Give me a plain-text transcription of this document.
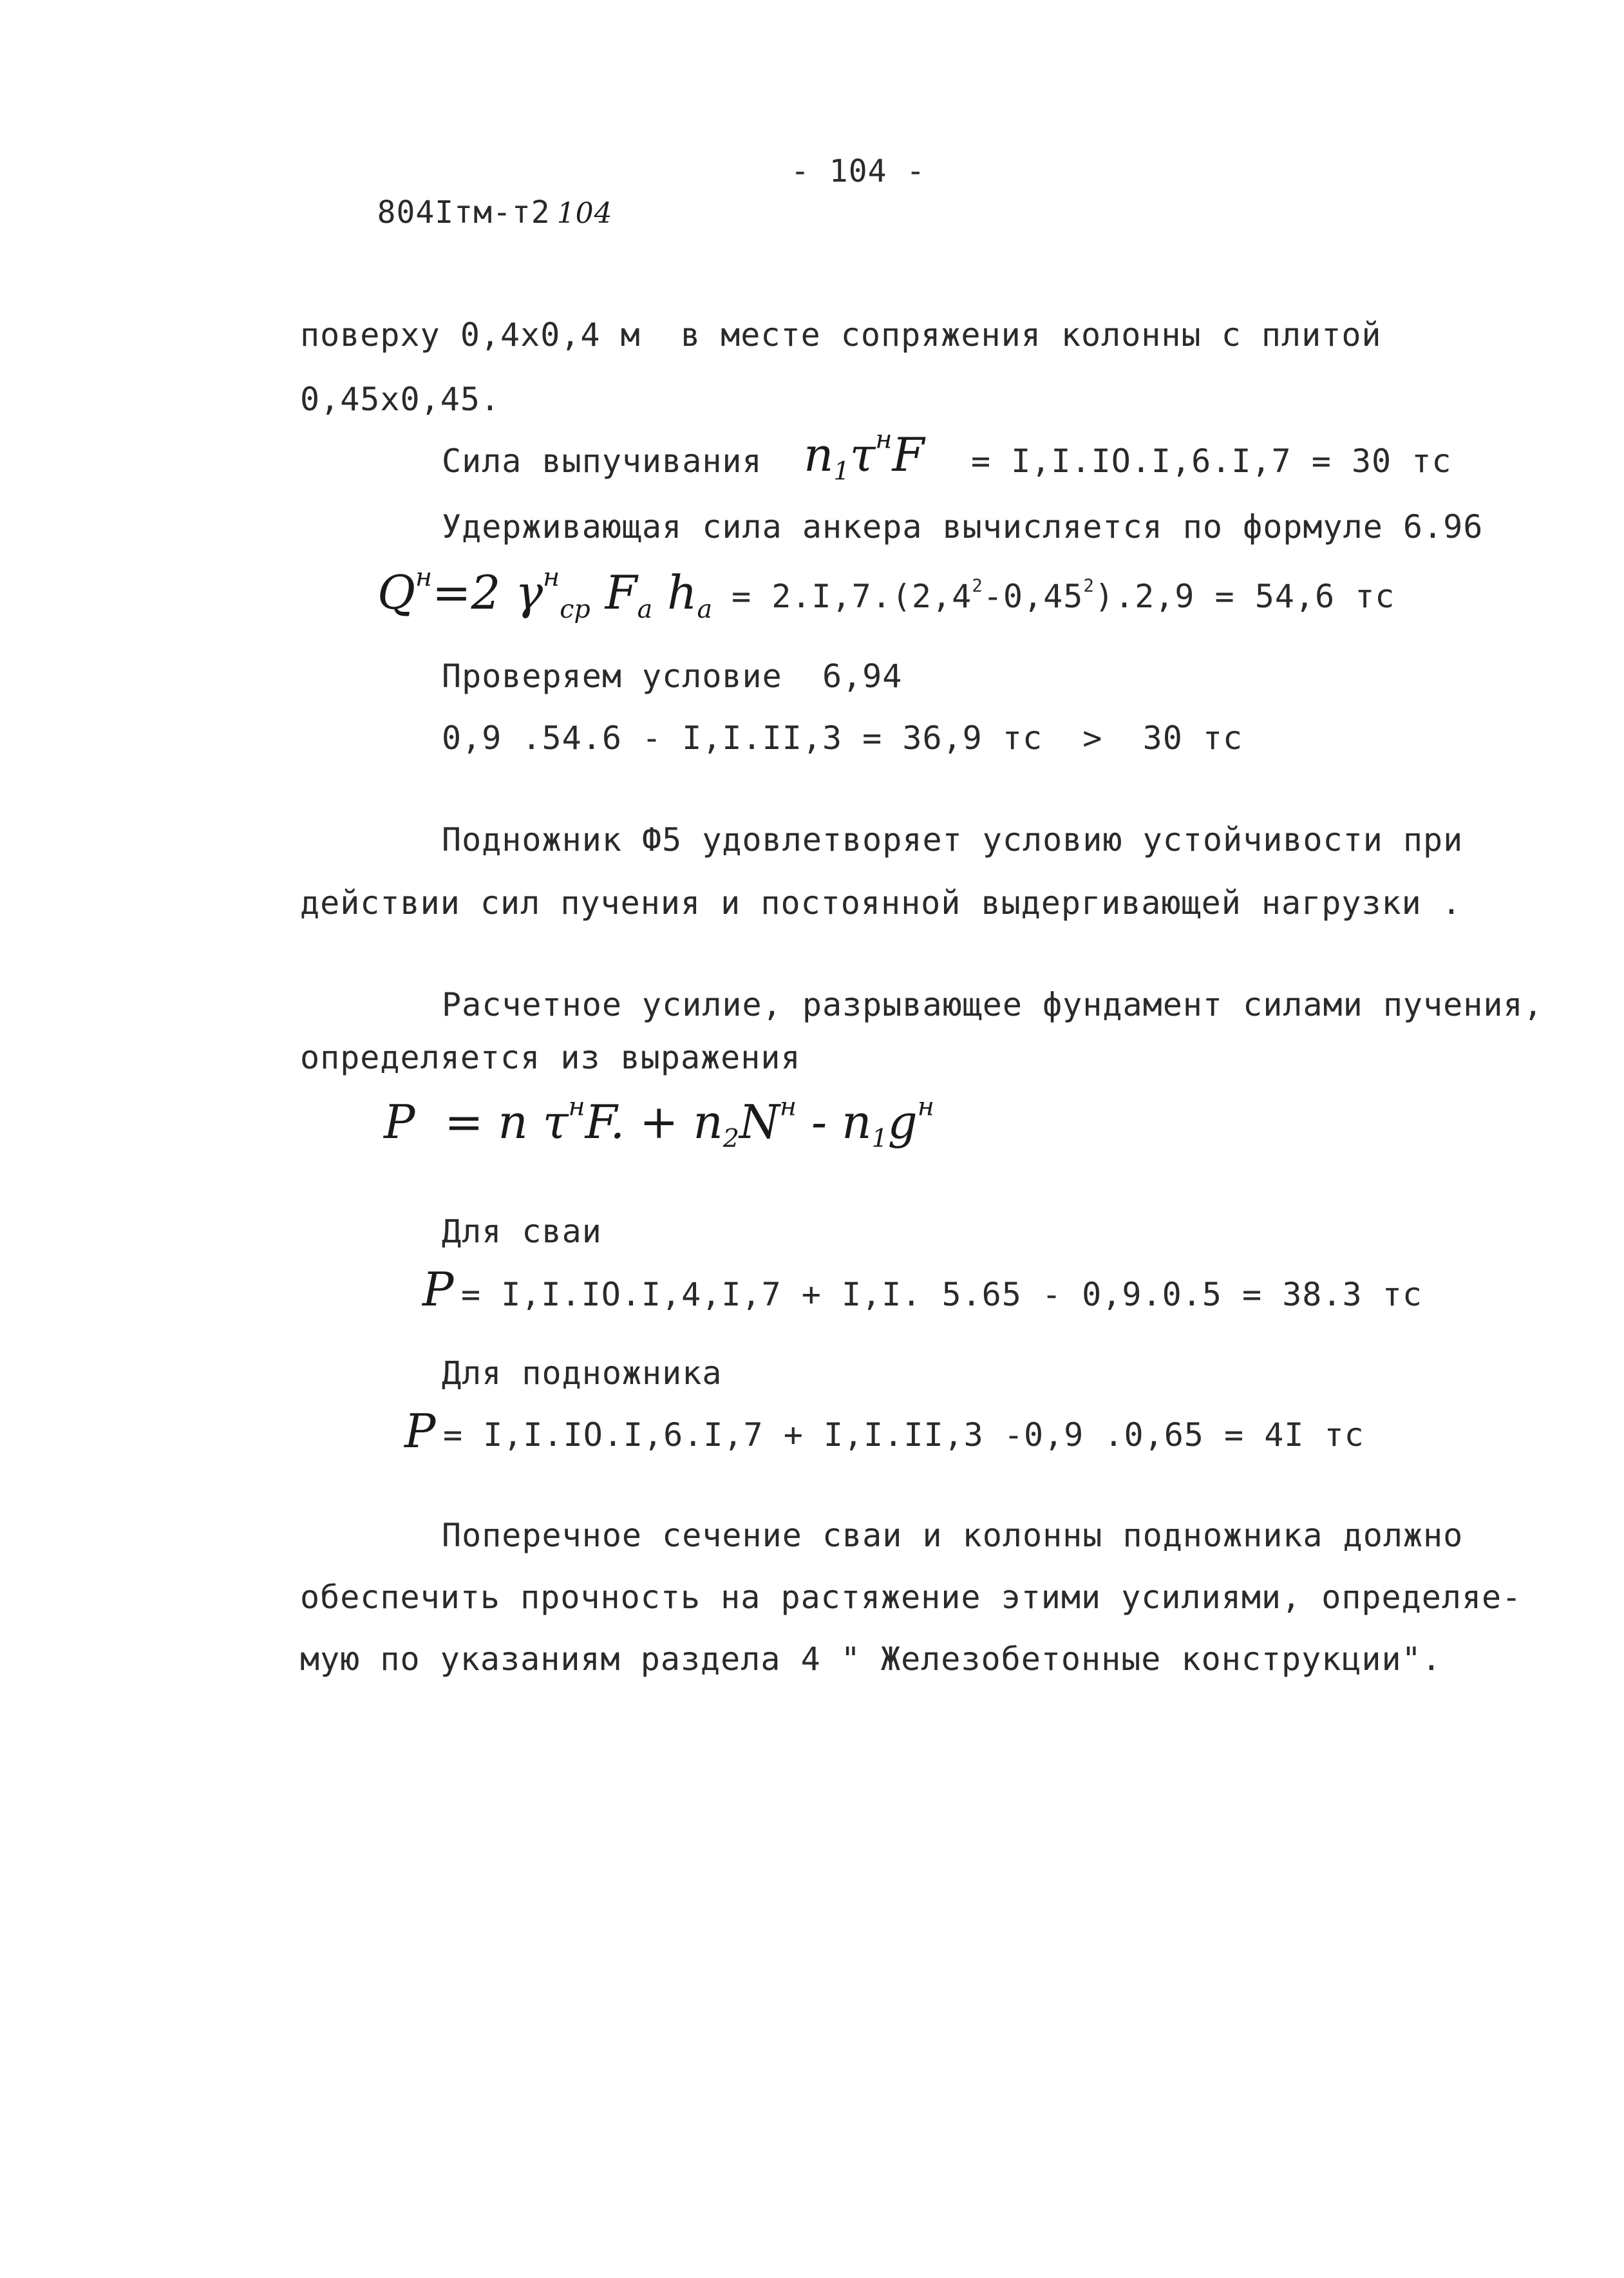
804Iтм-т2 104

- 104 -
поверху 0,4х0,4 м  в месте сопряжения колонны с плитой
0,45х0,45.
Сила выпучивания $n_1\tau^нF = I,I.IO.I,6.I,7 = 30$ тс
Удерживающая сила анкера вычисляется по формуле 6.96
$Q^н=2$ $\gamma^н_{cp}$ $F_a$ $h_a = 2.I,7.(2,4^2-0,45^2).2,9 = 54,6$ тс
Проверяем условие  6,94
0,9 .54.6 - I,I.II,3 = 36,9 тс  >  30 тс
Подножник Ф5 удовлетворяет условию устойчивости при
действии сил пучения и постоянной выдергивающей нагрузки .
Расчетное усилие, разрывающее фундамент силами пучения,
определяется из выражения
P  = n $\tau^нF$. + $n_2N^н - n_1g^н$
Для сваи
P = I,I.IO.I,4,I,7 + I,I. 5.65 - 0,9.0.5 = 38.3 тс
Для подножника
P = I,I.IO.I,6.I,7 + I,I.II,3 -0,9 .0,65 = 4I тс
Поперечное сечение сваи и колонны подножника должно
обеспечить прочность на растяжение этими усилиями, определяе-
мую по указаниям раздела 4 " Железобетонные конструкции".
